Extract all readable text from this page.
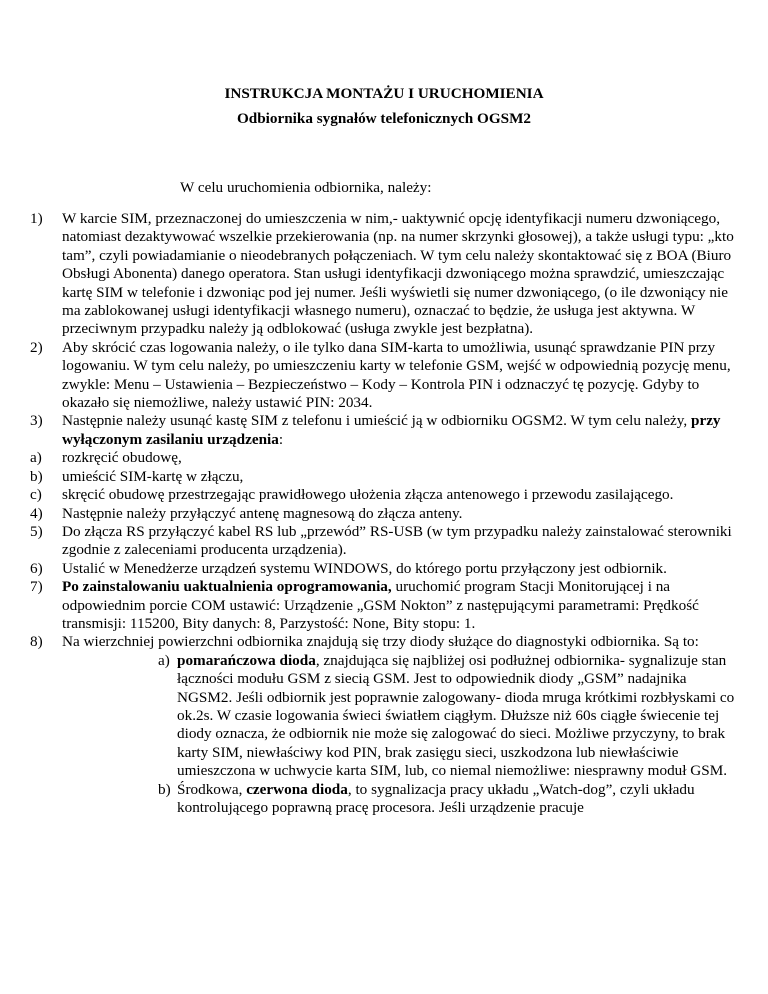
INSTRUKCJA MONTAŻU I URUCHOMIENIA
Odbiornika sygnałów telefonicznych OGSM2
W celu uruchomienia odbiornika, należy:
1)	W karcie SIM, przeznaczonej do umieszczenia w nim,- uaktywnić opcję identyfikacji numeru dzwoniącego, natomiast dezaktywować wszelkie przekierowania (np. na numer skrzynki głosowej), a także usługi typu: „kto tam”, czyli powiadamianie o nieodebranych połączeniach. W tym celu należy skontaktować się z BOA (Biuro Obsługi Abonenta) danego operatora. Stan usługi identyfikacji dzwoniącego można sprawdzić, umieszczając kartę SIM w telefonie i dzwoniąc pod jej numer. Jeśli wyświetli się numer dzwoniącego, (o ile dzwoniący nie ma zablokowanej usługi identyfikacji własnego numeru), oznaczać to będzie, że usługa jest aktywna. W przeciwnym przypadku należy ją odblokować (usługa zwykle jest bezpłatna).
2)	Aby skrócić czas logowania należy, o ile tylko dana SIM-karta to umożliwia, usunąć sprawdzanie PIN przy logowaniu. W tym celu należy, po umieszczeniu karty w telefonie GSM, wejść w odpowiednią pozycję menu, zwykle: Menu – Ustawienia – Bezpieczeństwo – Kody – Kontrola PIN i odznaczyć tę pozycję. Gdyby to okazało się niemożliwe, należy ustawić PIN: 2034.
3)	Następnie należy usunąć kastę SIM z telefonu i umieścić ją w odbiorniku OGSM2. W tym celu należy, przy wyłączonym zasilaniu urządzenia:
a)	rozkręcić obudowę,
b)	umieścić SIM-kartę w złączu,
c)	skręcić obudowę przestrzegając prawidłowego ułożenia złącza antenowego i przewodu zasilającego.
4)	Następnie należy przyłączyć antenę magnesową do złącza anteny.
5)	Do złącza RS przyłączyć kabel RS lub „przewód” RS-USB (w tym przypadku należy zainstalować sterowniki zgodnie z zaleceniami producenta urządzenia).
6)	Ustalić w Menedżerze urządzeń systemu WINDOWS, do którego portu przyłączony jest odbiornik.
7)	Po zainstalowaniu uaktualnienia oprogramowania, uruchomić program Stacji Monitorującej i na odpowiednim porcie COM ustawić: Urządzenie „GSM Nokton” z następującymi parametrami: Prędkość transmisji: 115200, Bity danych: 8, Parzystość: None, Bity stopu: 1.
8)	Na wierzchniej powierzchni odbiornika znajdują się trzy diody służące do diagnostyki odbiornika. Są to:
a) pomarańczowa dioda, znajdująca się najbliżej osi podłużnej odbiornika- sygnalizuje stan łączności modułu GSM z siecią GSM. Jest to odpowiednik diody „GSM” nadajnika NGSM2. Jeśli odbiornik jest poprawnie zalogowany- dioda mruga krótkimi rozbłyskami co ok.2s. W czasie logowania świeci światłem ciągłym. Dłuższe niż 60s ciągłe świecenie tej diody oznacza, że odbiornik nie może się zalogować do sieci. Możliwe przyczyny, to brak karty SIM, niewłaściwy kod PIN, brak zasięgu sieci, uszkodzona lub niewłaściwie umieszczona w uchwycie karta SIM, lub, co niemal niemożliwe: niesprawny moduł GSM.
b) Środkowa, czerwona dioda, to sygnalizacja pracy układu „Watch-dog”, czyli układu kontrolującego poprawną pracę procesora. Jeśli urządzenie pracuje
